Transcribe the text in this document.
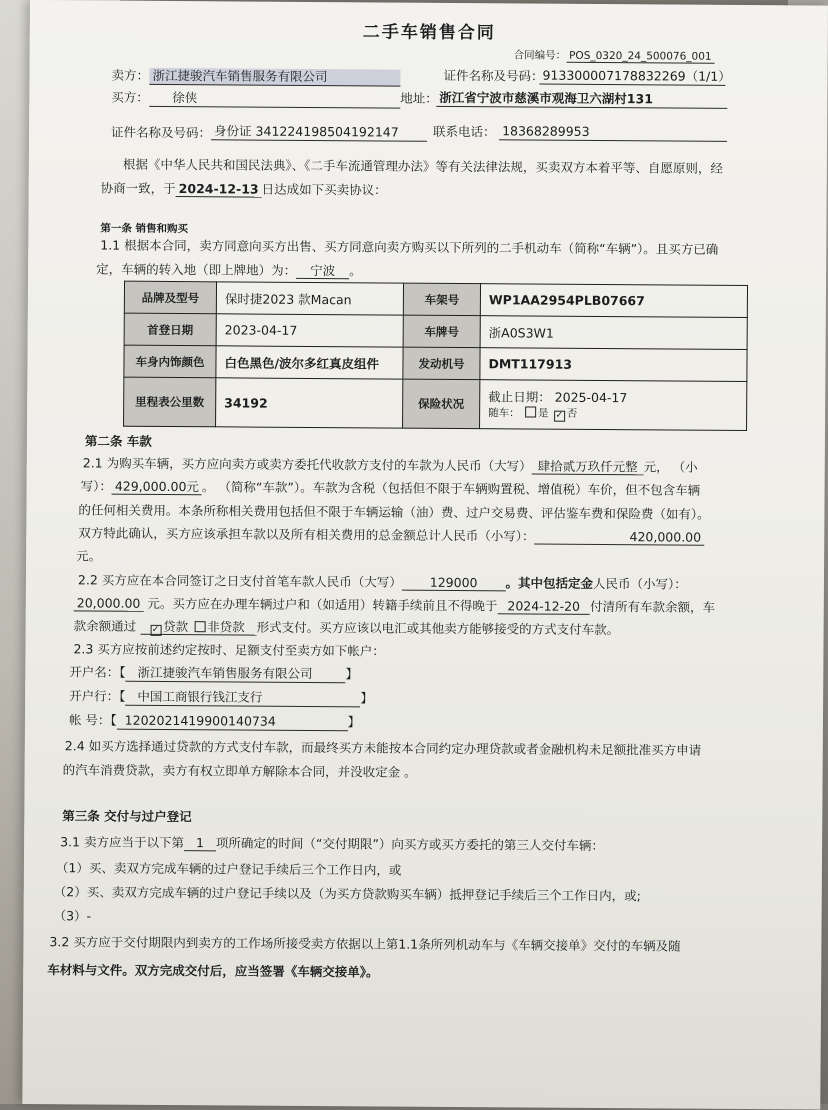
二手车销售合同
合同编号： POS_0320_24_500076_001
卖方： 浙江捷骏汽车销售服务有限公司	证件名称及号码：
913300007178832269（1/1）
买方：	徐侠	地址： 浙江省宁波市慈溪市观海卫六湖村131
证件名称及号码： 身份证 341224198504192147	联系电话： 18368289953
根据《中华人民共和国民法典》、《二手车流通管理办法》等有关法律法规，买卖双方本着平等、自愿原则，经
协商一致，于 2024-12-13 日达成如下买卖协议：
第一条 销售和购买
1.1 根据本合同，卖方同意向买方出售、买方同意向卖方购买以下所列的二手机动车（简称“车辆”）。且买方已确
定，车辆的转入地（即上牌地）为： 宁波 。
品牌及型号	保时捷2023 款Macan	车架号	WP1AA2954PLB07667
首登日期	2023-04-17	车牌号	浙A0S3W1
车身内饰颜色	白色黑色/波尔多红真皮组件	发动机号	DMT117913
里程表公里数	34192	保险状况	截止日期： 2025-04-17
随车： 是 ✓ 否
第二条 车款
2.1 为购买车辆，买方应向卖方或卖方委托代收款方支付的车款为人民币（大写） 肆拾贰万玖仟元整 元， （小
写）： 429,000.00元 。 （简称“车款”）。车款为含税（包括但不限于车辆购置税、增值税）车价，但不包含车辆
的任何相关费用。本条所称相关费用包括但不限于车辆运输（油）费、过户交易费、评估鉴车费和保险费（如有）。
双方特此确认，买方应该承担车款以及所有相关费用的总金额总计人民币（小写）：	420,000.00
元。
2.2 买方应在本合同签订之日支付首笔车款人民币（大写） 129000 。其中包括定金人民币（小写）：
20,000.00 元。买方应在办理车辆过户和（如适用）转籍手续前且不得晚于 2024-12-20 付清所有车款余额，车
款余额通过 ✓ 贷款 非贷款 形式支付。买方应该以电汇或其他卖方能够接受的方式支付车款。
2.3 买方应按前述约定按时、足额支付至卖方如下帐户：
开户名：【 浙江捷骏汽车销售服务有限公司	】
开户行：【 中国工商银行钱江支行	】
帐 号：【 1202021419900140734	】
2.4 如买方选择通过贷款的方式支付车款，而最终买方未能按本合同约定办理贷款或者金融机构未足额批准买方申请
的汽车消费贷款，卖方有权立即单方解除本合同，并没收定金 。
第三条 交付与过户登记
3.1 卖方应当于以下第 1 项所确定的时间（“交付期限”）向买方或买方委托的第三人交付车辆：
（1）买、卖双方完成车辆的过户登记手续后三个工作日内，或
（2）买、卖双方完成车辆的过户登记手续以及（为买方贷款购买车辆）抵押登记手续后三个工作日内，或;
（3）-
3.2 买方应于交付期限内到卖方的工作场所接受卖方依据以上第1.1条所列机动车与《车辆交接单》交付的车辆及随
车材料与文件。双方完成交付后，应当签署《车辆交接单》。
